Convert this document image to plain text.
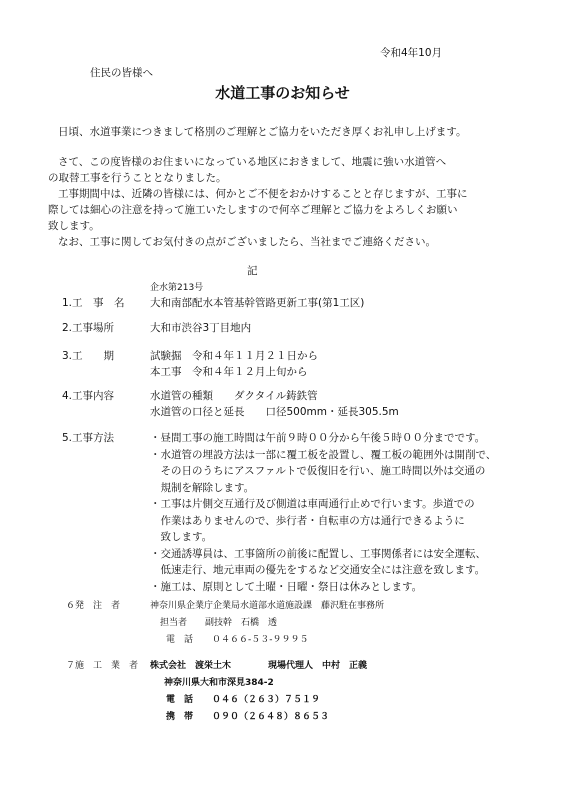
令和4年10月
住民の皆様へ
水道工事のお知らせ
日頃、水道事業につきまして格別のご理解とご協力をいただき厚くお礼申し上げます。
さて、この度皆様のお住まいになっている地区におきまして、地震に強い水道管へ
の取替工事を行うこととなりました。
工事期間中は、近隣の皆様には、何かとご不便をおかけすることと存じますが、工事に
際しては細心の注意を持って施工いたしますので何卒ご理解とご協力をよろしくお願い
致します。
なお、工事に関してお気付きの点がございましたら、当社までご連絡ください。
記
企水第213号
1.工　事　名 大和南部配水本管基幹管路更新工事(第1工区)
2.工事場所	大和市渋谷3丁目地内
3.工　　期	試験掘　令和４年１１月２１日から
本工事　令和４年１２月上旬から
4.工事内容	水道管の種類　　ダクタイル鋳鉄管
水道管の口径と延長　　口径500mm・延長305.5m
5.工事方法	・昼間工事の施工時間は午前９時００分から午後５時００分までです。
・水道管の埋設方法は一部に覆工板を設置し、覆工板の範囲外は開削で、
　その日のうちにアスファルトで仮復旧を行い、施工時間以外は交通の
　規制を解除します。
・工事は片側交互通行及び側道は車両通行止めで行います。歩道での
　作業はありませんので、歩行者・自転車の方は通行できるように
　致します。
・交通誘導員は、工事箇所の前後に配置し、工事関係者には安全運転、
　低速走行、地元車両の優先をするなど交通安全には注意を致します。
・施工は、原則として土曜・日曜・祭日は休みとします。
６発　注　者	神奈川県企業庁企業局水道部水道施設課　藤沢駐在事務所
担当者　　副技幹　石橋　透
電　話 ０４６６-５３-９９９５
７施　工　業　者 株式会社　渡栄土木	現場代理人　中村　正義
神奈川県大和市深見384-2
電　話 ０４６（２６３）７５１９
携　帯 ０９０（２６４８）８６５３
